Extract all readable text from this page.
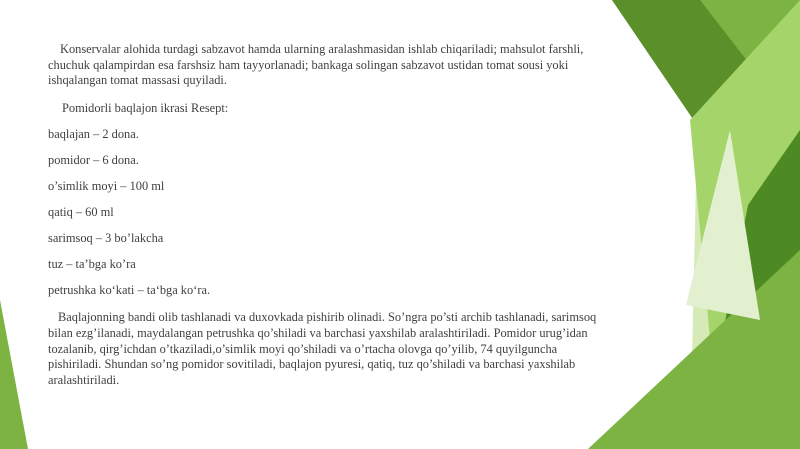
Konservalar alohida turdagi sabzavot hamda ularning aralashmasidan ishlab chiqariladi; mahsulot farshli, chuchuk qalampirdan esa farshsiz ham tayyorlanadi; bankaga solingan sabzavot ustidan tomat sousi yoki ishqalangan tomat massasi quyiladi.

Pomidorli baqlajon ikrasi Resept:

baqlajan – 2 dona.
pomidor – 6 dona.
o’simlik moyi – 100 ml
qatiq – 60 ml
sarimsoq – 3 bo’lakcha
tuz – ta’bga ko’ra
petrushka ko‘kati – ta‘bga ko‘ra.

Baqlajonning bandi olib tashlanadi va duxovkada pishirib olinadi. So’ngra po’sti archib tashlanadi, sarimsoq bilan ezg’ilanadi, maydalangan petrushka qo’shiladi va barchasi yaxshilab aralashtiriladi. Pomidor urug’idan tozalanib, qirg’ichdan o’tkaziladi,o’simlik moyi qo’shiladi va o’rtacha olovga qo’yilib, 74 quyilguncha pishiriladi. Shundan so’ng pomidor sovitiladi, baqlajon pyuresi, qatiq, tuz qo’shiladi va barchasi yaxshilab aralashtiriladi.
